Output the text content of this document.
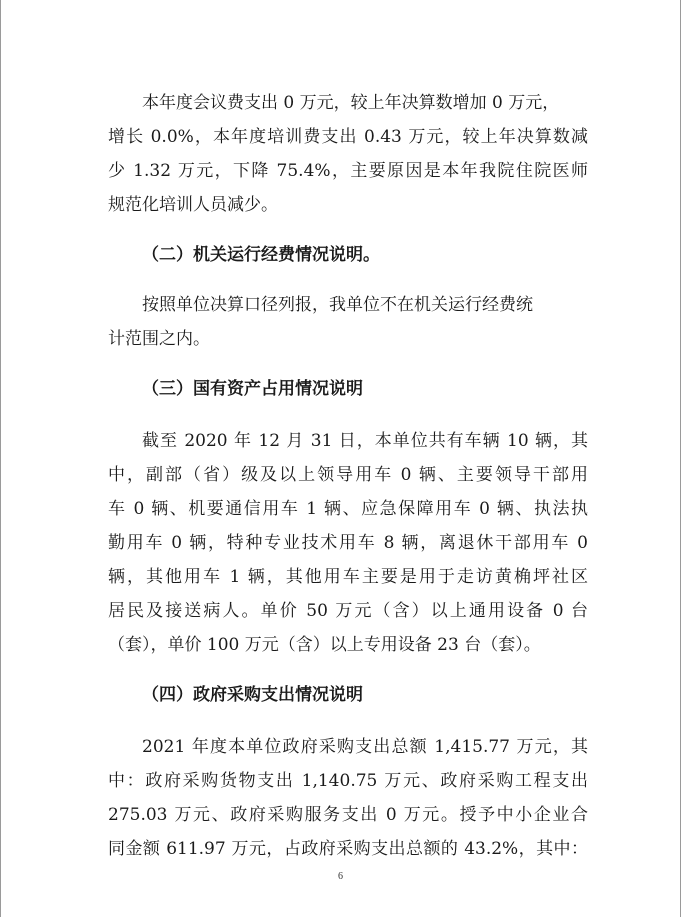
本年度会议费支出 0 万元，较上年决算数增加 0 万元，
增长 0.0%，本年度培训费支出 0.43 万元，较上年决算数减
少 1.32 万元，下降 75.4%，主要原因是本年我院住院医师
规范化培训人员减少。
（二）机关运行经费情况说明。
按照单位决算口径列报，我单位不在机关运行经费统
计范围之内。
（三）国有资产占用情况说明
截至 2020 年 12 月 31 日，本单位共有车辆 10 辆，其
中，副部（省）级及以上领导用车 0 辆、主要领导干部用
车 0 辆、机要通信用车 1 辆、应急保障用车 0 辆、执法执
勤用车 0 辆，特种专业技术用车 8 辆，离退休干部用车 0
辆，其他用车 1 辆，其他用车主要是用于走访黄桷坪社区
居民及接送病人。单价 50 万元（含）以上通用设备 0 台
（套），单价 100 万元（含）以上专用设备 23 台（套）。
（四）政府采购支出情况说明
2021 年度本单位政府采购支出总额 1,415.77 万元，其
中：政府采购货物支出 1,140.75 万元、政府采购工程支出
275.03 万元、政府采购服务支出 0 万元。授予中小企业合
同金额 611.97 万元，占政府采购支出总额的 43.2%，其中：
6
